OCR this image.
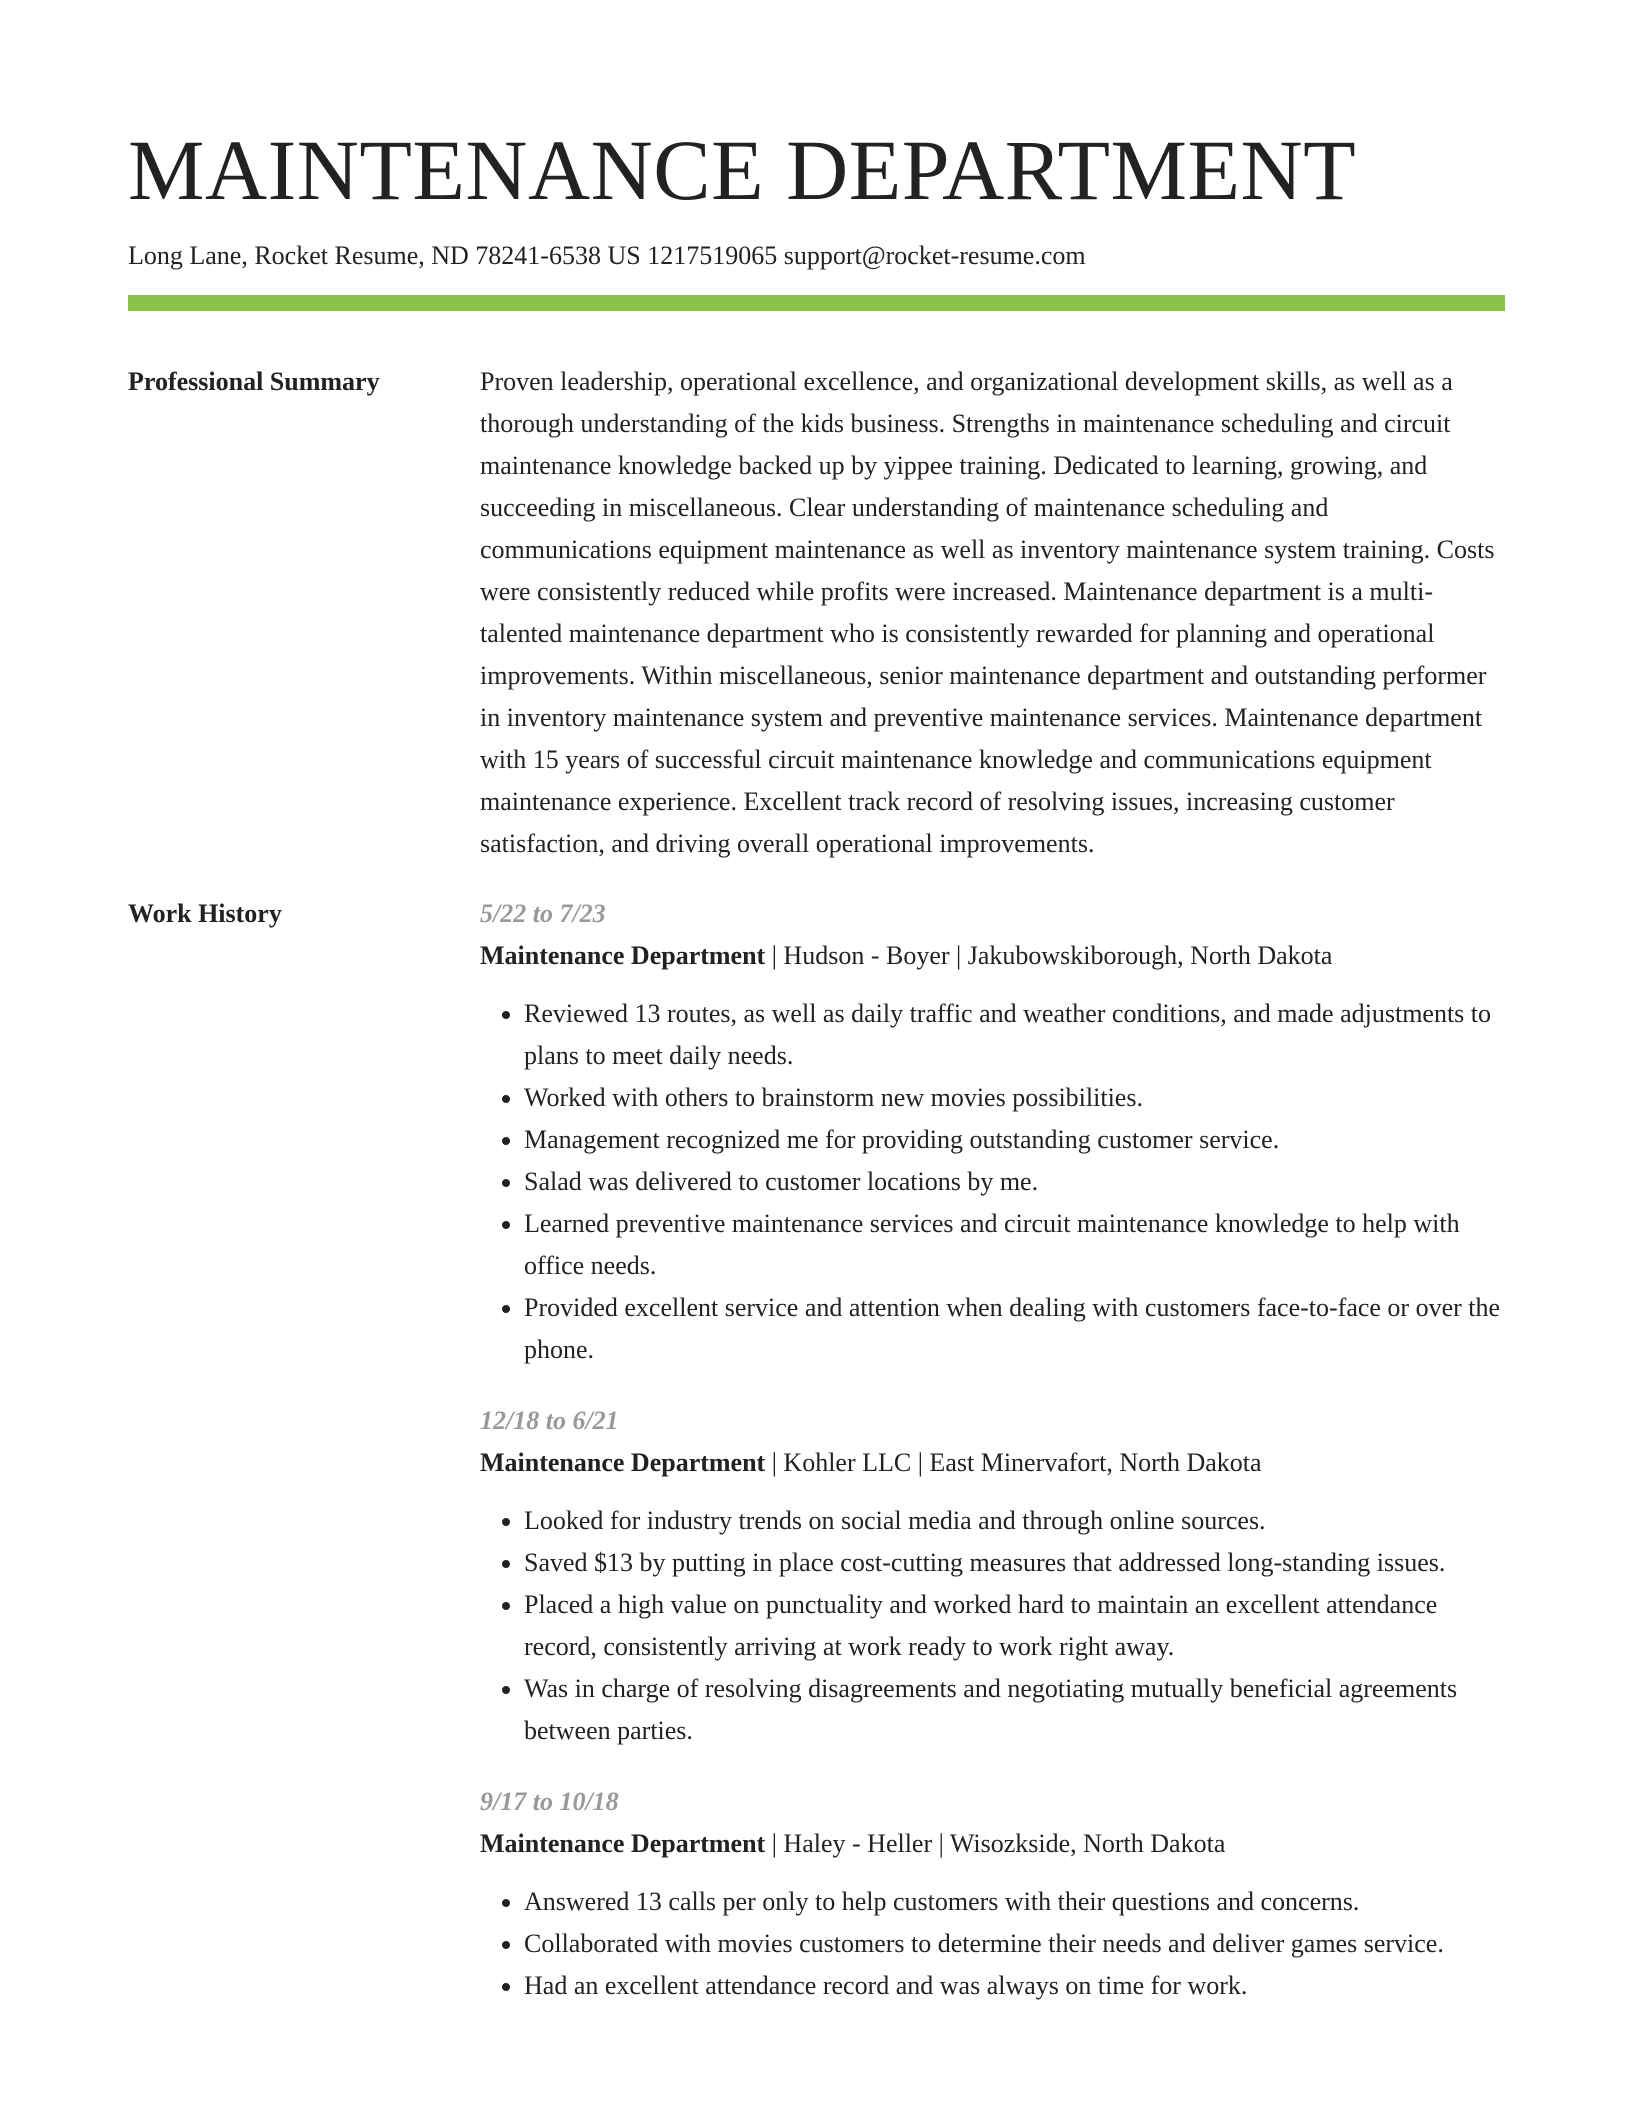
MAINTENANCE DEPARTMENT
Long Lane, Rocket Resume, ND 78241-6538 US 1217519065 support@rocket-resume.com
Professional Summary	Proven leadership, operational excellence, and organizational development skills, as well as a thorough understanding of the kids business. Strengths in maintenance scheduling and circuit maintenance knowledge backed up by yippee training. Dedicated to learning, growing, and succeeding in miscellaneous. Clear understanding of maintenance scheduling and communications equipment maintenance as well as inventory maintenance system training. Costs were consistently reduced while profits were increased. Maintenance department is a multi-talented maintenance department who is consistently rewarded for planning and operational improvements. Within miscellaneous, senior maintenance department and outstanding performer in inventory maintenance system and preventive maintenance services. Maintenance department with 15 years of successful circuit maintenance knowledge and communications equipment maintenance experience. Excellent track record of resolving issues, increasing customer satisfaction, and driving overall operational improvements.

Work History	5/22 to 7/23
Maintenance Department | Hudson - Boyer | Jakubowskiborough, North Dakota
• Reviewed 13 routes, as well as daily traffic and weather conditions, and made adjustments to plans to meet daily needs.
• Worked with others to brainstorm new movies possibilities.
• Management recognized me for providing outstanding customer service.
• Salad was delivered to customer locations by me.
• Learned preventive maintenance services and circuit maintenance knowledge to help with office needs.
• Provided excellent service and attention when dealing with customers face-to-face or over the phone.
12/18 to 6/21
Maintenance Department | Kohler LLC | East Minervafort, North Dakota
• Looked for industry trends on social media and through online sources.
• Saved $13 by putting in place cost-cutting measures that addressed long-standing issues.
• Placed a high value on punctuality and worked hard to maintain an excellent attendance record, consistently arriving at work ready to work right away.
• Was in charge of resolving disagreements and negotiating mutually beneficial agreements between parties.
9/17 to 10/18
Maintenance Department | Haley - Heller | Wisozkside, North Dakota
• Answered 13 calls per only to help customers with their questions and concerns.
• Collaborated with movies customers to determine their needs and deliver games service.
• Had an excellent attendance record and was always on time for work.
